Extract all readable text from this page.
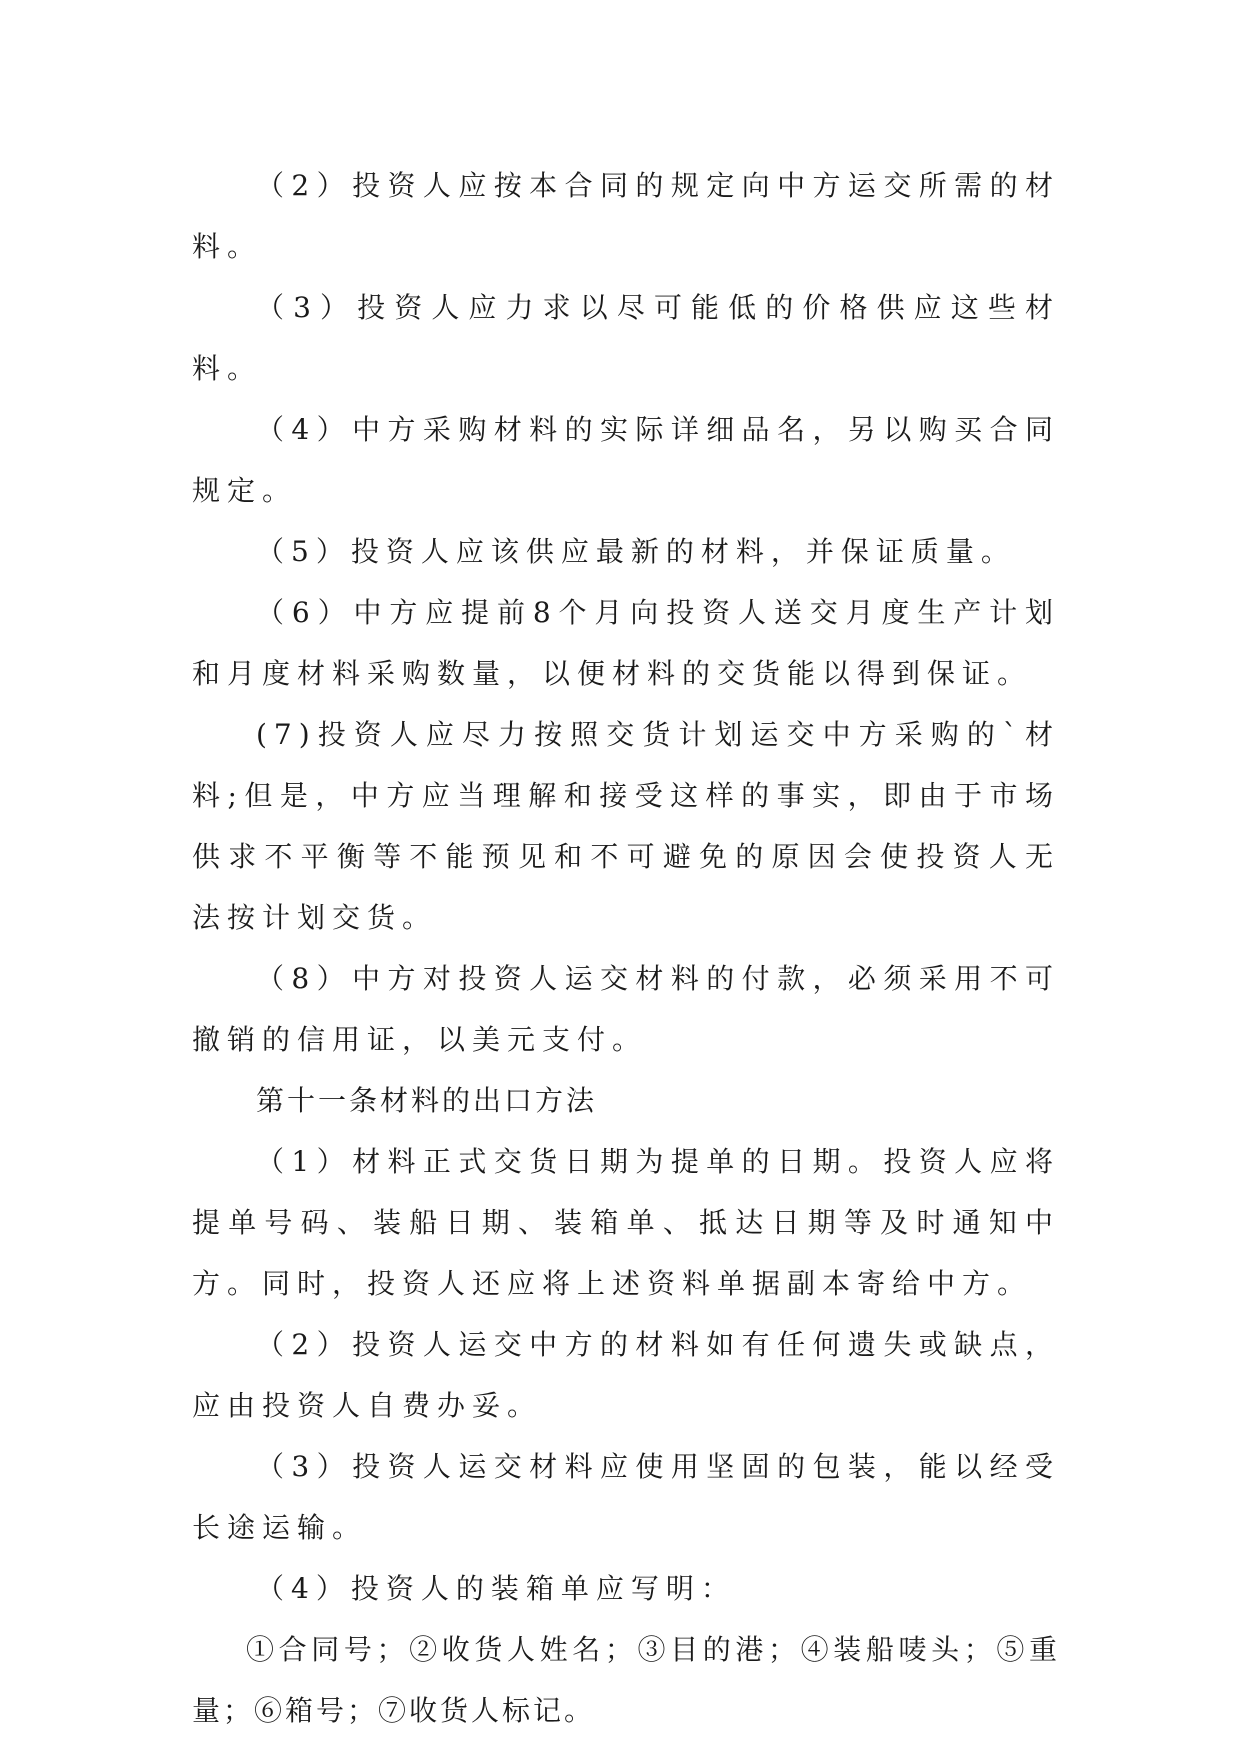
（2）投资人应按本合同的规定向中方运交所需的材料。

（3）投资人应力求以尽可能低的价格供应这些材料。

（4）中方采购材料的实际详细品名，另以购买合同规定。

（5）投资人应该供应最新的材料，并保证质量。

（6）中方应提前8个月向投资人送交月度生产计划和月度材料采购数量，以便材料的交货能以得到保证。

(7)投资人应尽力按照交货计划运交中方采购的`材料;但是，中方应当理解和接受这样的事实，即由于市场供求不平衡等不能预见和不可避免的原因会使投资人无法按计划交货。

（8）中方对投资人运交材料的付款，必须采用不可撤销的信用证，以美元支付。

第十一条材料的出口方法

（1）材料正式交货日期为提单的日期。投资人应将提单号码、装船日期、装箱单、抵达日期等及时通知中方。同时，投资人还应将上述资料单据副本寄给中方。

（2）投资人运交中方的材料如有任何遗失或缺点，应由投资人自费办妥。

（3）投资人运交材料应使用坚固的包装，能以经受长途运输。

（4）投资人的装箱单应写明：

①合同号；②收货人姓名；③目的港；④装船唛头；⑤重量；⑥箱号；⑦收货人标记。
